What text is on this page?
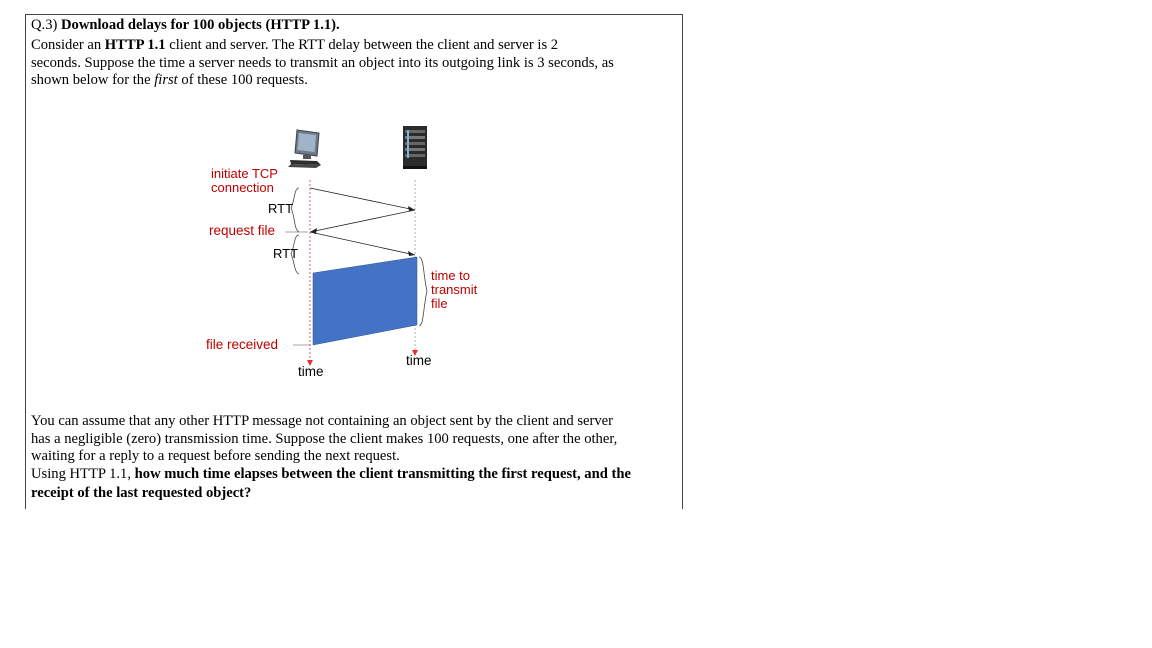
Q.3) Download delays for 100 objects (HTTP 1.1).
Consider an HTTP 1.1 client and server. The RTT delay between the client and server is 2
seconds. Suppose the time a server needs to transmit an object into its outgoing link is 3 seconds, as
shown below for the first of these 100 requests.
initiate TCP
connection
RTT
request file
RTT
time to
transmit
file
file received
time
time
You can assume that any other HTTP message not containing an object sent by the client and server
has a negligible (zero) transmission time. Suppose the client makes 100 requests, one after the other,
waiting for a reply to a request before sending the next request.
Using HTTP 1.1, how much time elapses between the client transmitting the first request, and the
receipt of the last requested object?
